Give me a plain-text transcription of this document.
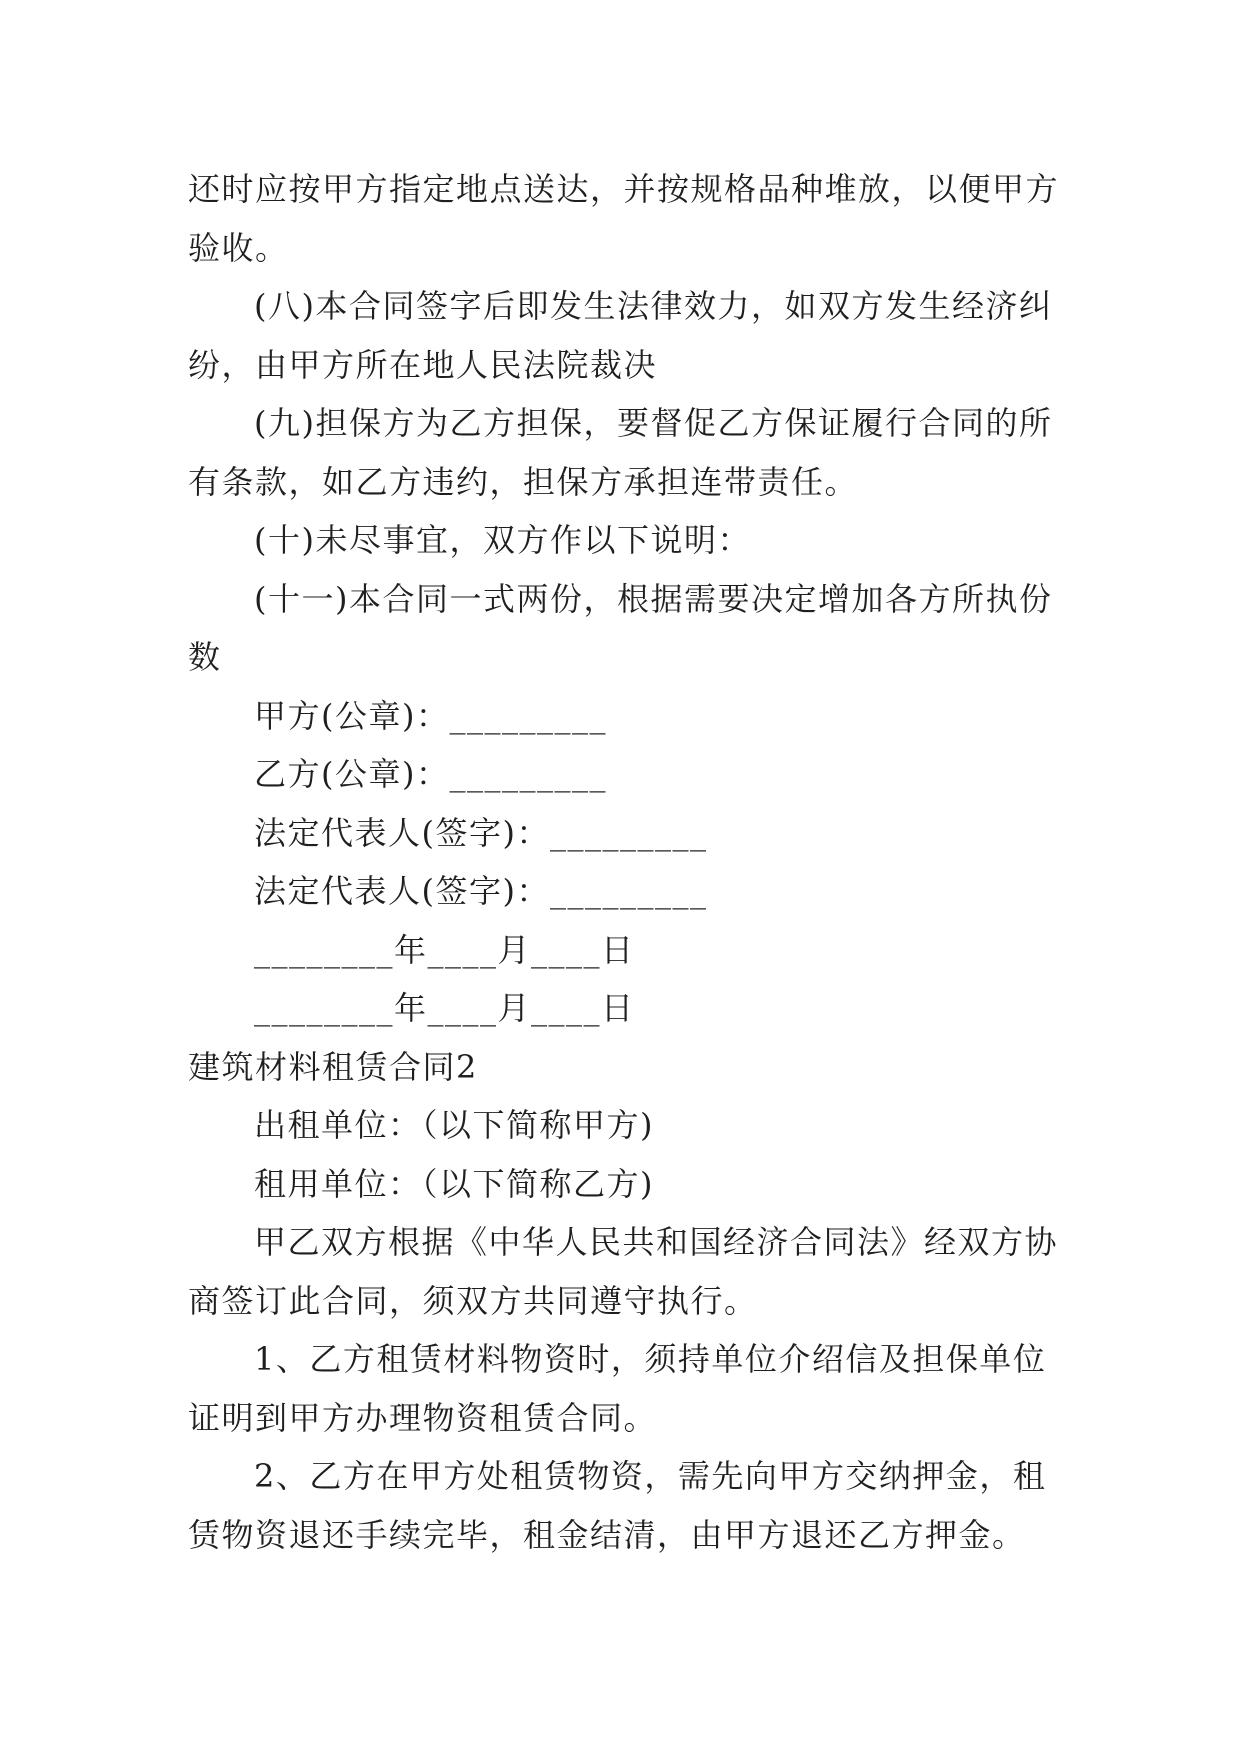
还时应按甲方指定地点送达，并按规格品种堆放，以便甲方
验收。
(八)本合同签字后即发生法律效力，如双方发生经济纠
纷，由甲方所在地人民法院裁决
(九)担保方为乙方担保，要督促乙方保证履行合同的所
有条款，如乙方违约，担保方承担连带责任。
(十)未尽事宜，双方作以下说明：
(十一)本合同一式两份，根据需要决定增加各方所执份
数
甲方(公章)：_________
乙方(公章)：_________
法定代表人(签字)：_________
法定代表人(签字)：_________
________年____月____日
________年____月____日
建筑材料租赁合同2
出租单位：（以下简称甲方)
租用单位：（以下简称乙方)
甲乙双方根据《中华人民共和国经济合同法》经双方协
商签订此合同，须双方共同遵守执行。
1、乙方租赁材料物资时，须持单位介绍信及担保单位
证明到甲方办理物资租赁合同。
2、乙方在甲方处租赁物资，需先向甲方交纳押金，租
赁物资退还手续完毕，租金结清，由甲方退还乙方押金。
